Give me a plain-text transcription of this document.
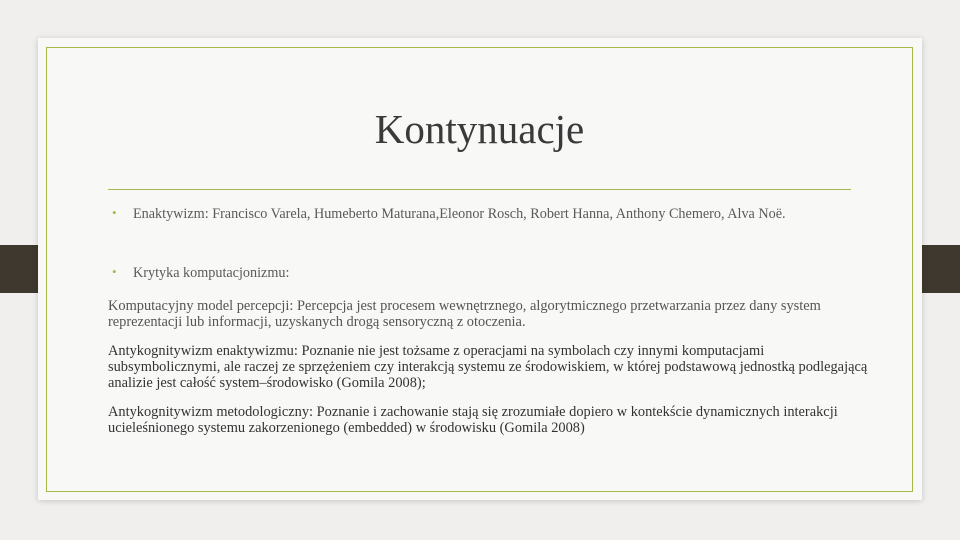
Kontynuacje
• Enaktywizm: Francisco Varela, Humeberto Maturana,Eleonor Rosch, Robert Hanna, Anthony Chemero, Alva Noë.
• Krytyka komputacjonizmu:
Komputacyjny model percepcji: Percepcja jest procesem wewnętrznego, algorytmicznego przetwarzania przez dany system reprezentacji lub informacji, uzyskanych drogą sensoryczną z otoczenia.
Antykognitywizm enaktywizmu: Poznanie nie jest tożsame z operacjami na symbolach czy innymi komputacjami subsymbolicznymi, ale raczej ze sprzężeniem czy interakcją systemu ze środowiskiem, w której podstawową jednostką podlegającą analizie jest całość system–środowisko (Gomila 2008);
Antykognitywizm metodologiczny: Poznanie i zachowanie stają się zrozumiałe dopiero w kontekście dynamicznych interakcji ucieleśnionego systemu zakorzenionego (embedded) w środowisku (Gomila 2008)
